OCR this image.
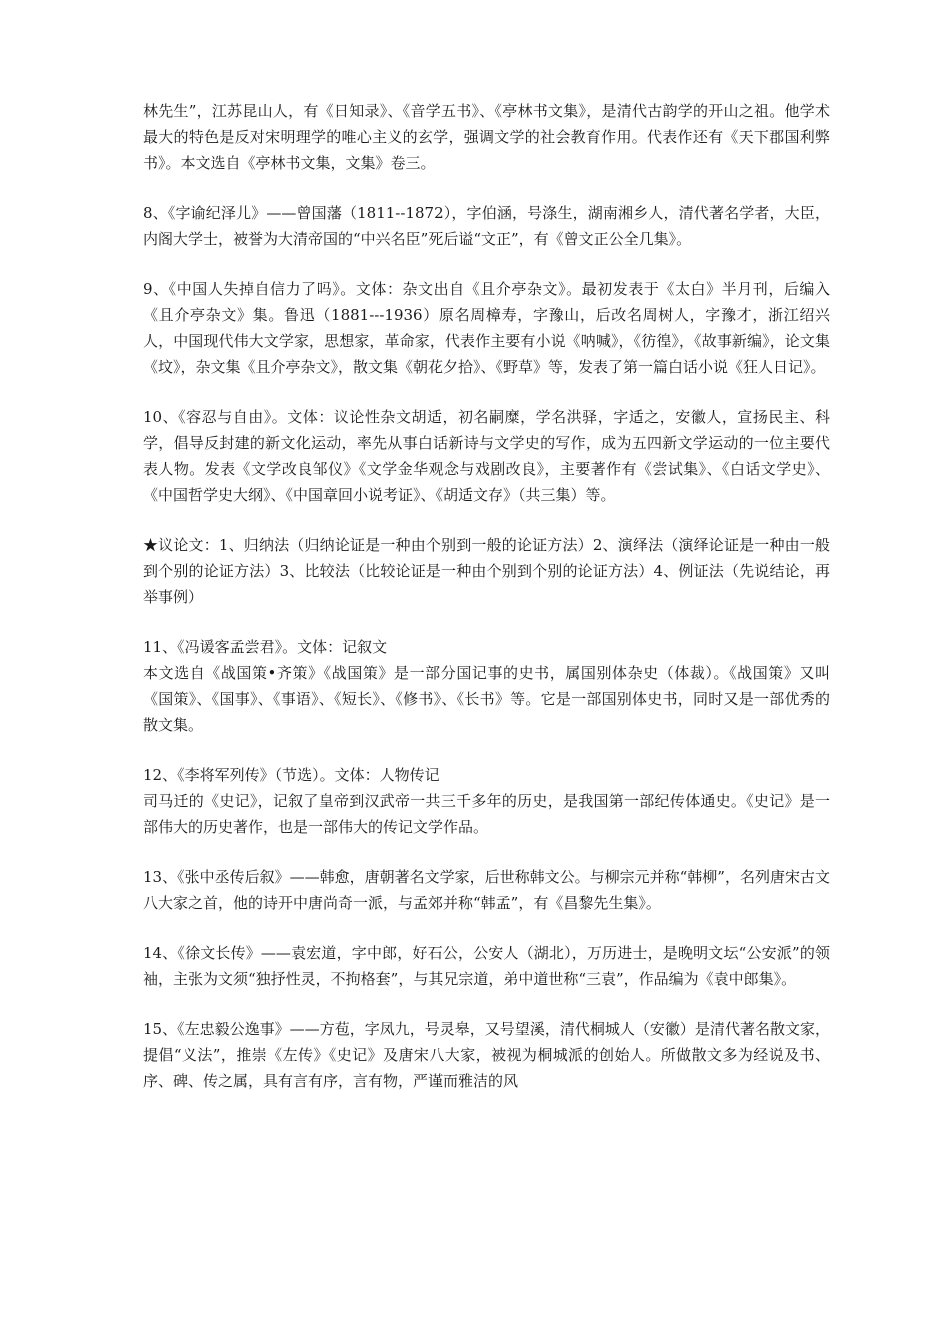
林先生”，江苏昆山人，有《日知录》、《音学五书》、《亭林书文集》，是清代古韵学的开山之祖。他学术最大的特色是反对宋明理学的唯心主义的玄学，强调文学的社会教育作用。代表作还有《天下郡国利弊书》。本文选自《亭林书文集，文集》卷三。

8、《字谕纪泽儿》——曾国藩（1811--1872），字伯涵，号涤生，湖南湘乡人，清代著名学者，大臣，内阁大学士，被誉为大清帝国的“中兴名臣”死后谥“文正”，有《曾文正公全几集》。

9、《中国人失掉自信力了吗》。文体：杂文出自《且介亭杂文》。最初发表于《太白》半月刊，后编入《且介亭杂文》集。鲁迅（1881---1936）原名周樟寿，字豫山，后改名周树人，字豫才，浙江绍兴人，中国现代伟大文学家，思想家，革命家，代表作主要有小说《呐喊》，《彷徨》，《故事新编》，论文集《坟》，杂文集《且介亭杂文》，散文集《朝花夕拾》、《野草》等，发表了第一篇白话小说《狂人日记》。

10、《容忍与自由》。文体：议论性杂文胡适，初名嗣糜，学名洪驿，字适之，安徽人，宣扬民主、科学，倡导反封建的新文化运动，率先从事白话新诗与文学史的写作，成为五四新文学运动的一位主要代表人物。发表《文学改良邹仪》《文学金华观念与戏剧改良》，主要著作有《尝试集》、《白话文学史》、《中国哲学史大纲》、《中国章回小说考证》、《胡适文存》（共三集）等。

★议论文：1、归纳法（归纳论证是一种由个别到一般的论证方法）2、演绎法（演绎论证是一种由一般到个别的论证方法）3、比较法（比较论证是一种由个别到个别的论证方法）4、例证法（先说结论，再举事例）

11、《冯谖客孟尝君》。文体：记叙文

本文选自《战国策•齐策》《战国策》是一部分国记事的史书，属国别体杂史（体裁）。《战国策》又叫《国策》、《国事》、《事语》、《短长》、《修书》、《长书》等。它是一部国别体史书，同时又是一部优秀的散文集。

12、《李将军列传》（节选）。文体：人物传记

司马迁的《史记》，记叙了皇帝到汉武帝一共三千多年的历史，是我国第一部纪传体通史。《史记》是一部伟大的历史著作，也是一部伟大的传记文学作品。

13、《张中丞传后叙》——韩愈，唐朝著名文学家，后世称韩文公。与柳宗元并称“韩柳”，名列唐宋古文八大家之首，他的诗开中唐尚奇一派，与孟郊并称“韩孟”，有《昌黎先生集》。

14、《徐文长传》——袁宏道，字中郎，好石公，公安人（湖北），万历进士，是晚明文坛“公安派”的领袖，主张为文须“独抒性灵，不拘格套”，与其兄宗道，弟中道世称“三袁”，作品编为《袁中郎集》。

15、《左忠毅公逸事》——方苞，字凤九，号灵皋，又号望溪，清代桐城人（安徽）是清代著名散文家，提倡“义法”，推崇《左传》《史记》及唐宋八大家，被视为桐城派的创始人。所做散文多为经说及书、序、碑、传之属，具有言有序，言有物，严谨而雅洁的风
